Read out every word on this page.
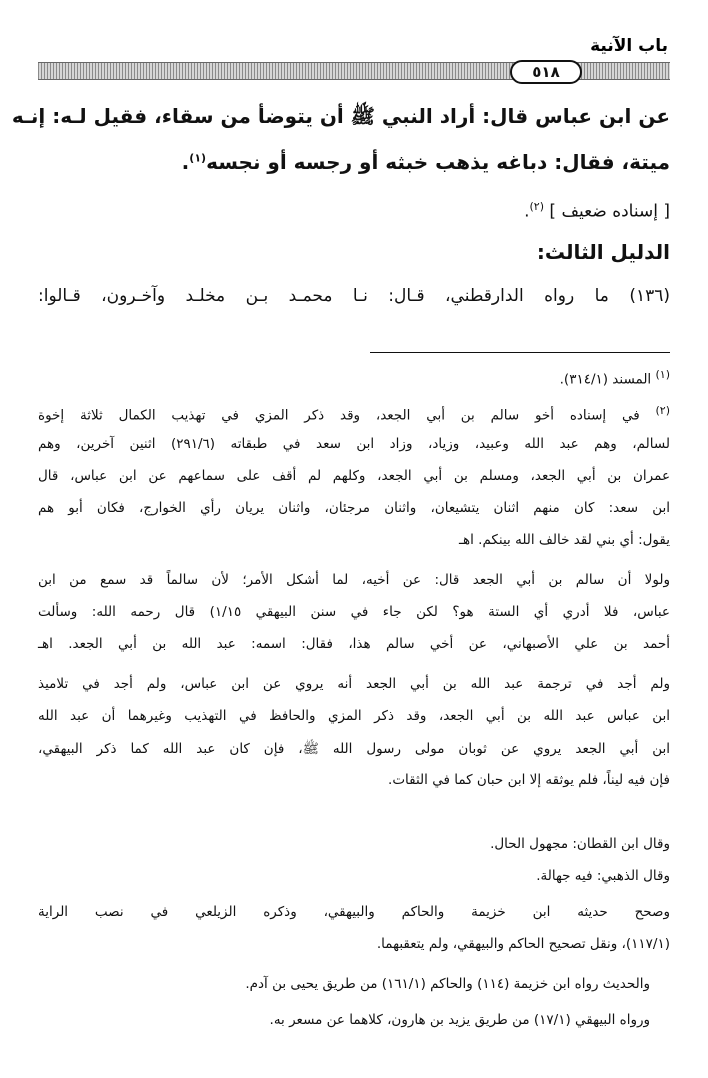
باب الآنية
٥١٨

عن ابن عباس قال: أراد النبي ﷺ أن يتوضأ من سقاء، فقيل لـه: إنـه

ميتة، فقال: دباغه يذهب خبثه أو رجسه أو نجسه$^{(١)}$.

[ إسناده ضعيف ] $^{(٢)}$.

الدليل الثالث:

(١٣٦) ما رواه الدارقطني، قـال: نـا محمـد بـن مخلـد وآخـرون، قـالوا:

$^{(١)}$ المسند (٣١٤/١).
$^{(٢)}$ في إسناده أخو سالم بن أبي الجعد، وقد ذكر المزي في تهذيب الكمال ثلاثة إخوة
لسالم، وهم عبد الله وعبيد، وزياد، وزاد ابن سعد في طبقاته (٢٩١/٦) اثنين آخرين، وهم
عمران بن أبي الجعد، ومسلم بن أبي الجعد، وكلهم لم أقف على سماعهم عن ابن عباس، قال
ابن سعد: كان منهم اثنان يتشيعان، واثنان مرجئان، واثنان يريان رأي الخوارج، فكان أبو هم
يقول: أي بني لقد خالف الله بينكم. اهـ
ولولا أن سالم بن أبي الجعد قال: عن أخيه، لما أشكل الأمر؛ لأن سالماً قد سمع من ابن
عباس، فلا أدري أي الستة هو؟ لكن جاء في سنن البيهقي ١/١٥) قال رحمه الله: وسألت
أحمد بن علي الأصبهاني، عن أخي سالم هذا، فقال: اسمه: عبد الله بن أبي الجعد. اهـ
ولم أجد في ترجمة عبد الله بن أبي الجعد أنه يروي عن ابن عباس، ولم أجد في تلاميذ
ابن عباس عبد الله بن أبي الجعد، وقد ذكر المزي والحافظ في التهذيب وغيرهما أن عبد الله
ابن أبي الجعد يروي عن ثوبان مولى رسول الله ﷺ، فإن كان عبد الله كما ذكر البيهقي،
فإن فيه ليناً، فلم يوثقه إلا ابن حبان كما في الثقات.
وقال ابن القطان: مجهول الحال.
وقال الذهبي: فيه جهالة.
وصحح حديثه ابن خزيمة والحاكم والبيهقي، وذكره الزيلعي في نصب الراية
(١١٧/١)، ونقل تصحيح الحاكم والبيهقي، ولم يتعقبهما.
والحديث رواه ابن خزيمة (١١٤) والحاكم (١٦١/١) من طريق يحيى بن آدم.
ورواه البيهقي (١٧/١) من طريق يزيد بن هارون، كلاهما عن مسعر به.
